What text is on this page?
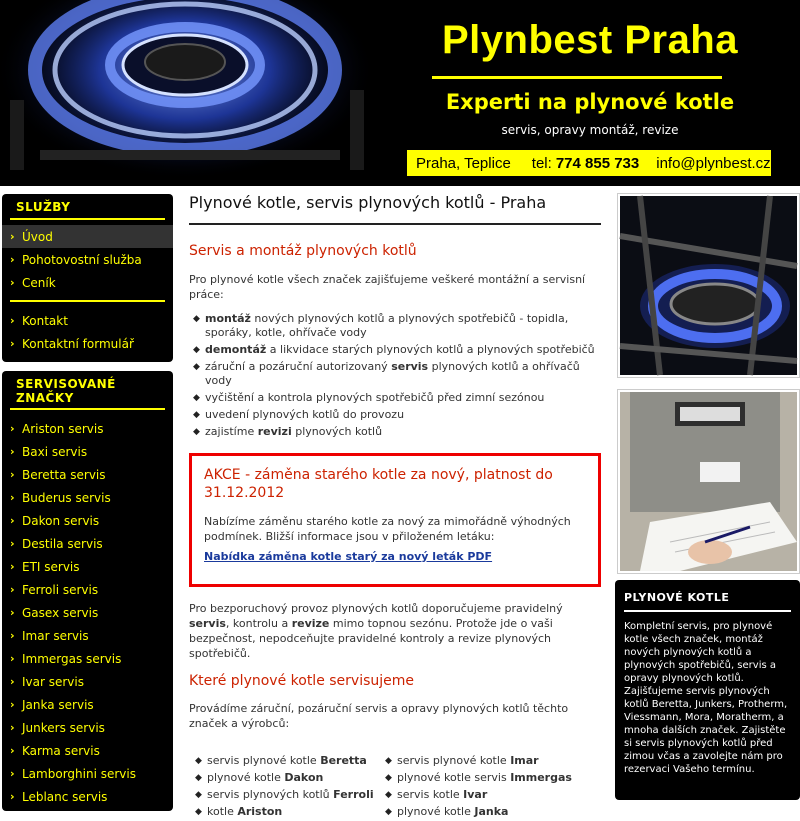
Plynbest Praha
Experti na plynové kotle
servis, opravy montáž, revize
Praha, Teplice tel: 774 855 733 info@plynbest.cz
SLUŽBY
› Úvod
› Pohotovostní služba
› Ceník
› Kontakt
› Kontaktní formulář
SERVISOVANÉ
ZNAČKY
› Ariston servis
› Baxi servis
› Beretta servis
› Buderus servis
› Dakon servis
› Destila servis
› ETI servis
› Ferroli servis
› Gasex servis
› Imar servis
› Immergas servis
› Ivar servis
› Janka servis
› Junkers servis
› Karma servis
› Lamborghini servis
› Leblanc servis
Plynové kotle, servis plynových kotlů - Praha
Servis a montáž plynových kotlů

Pro plynové kotle všech značek zajišťujeme veškeré montážní a servisní práce:

◆ montáž nových plynových kotlů a plynových spotřebičů - topidla, sporáky, kotle, ohřívače vody
◆ demontáž a likvidace starých plynových kotlů a plynových spotřebičů
◆ záruční a pozáruční autorizovaný servis plynových kotlů a ohřívačů vody
◆ vyčištění a kontrola plynových spotřebičů před zimní sezónou
◆ uvedení plynových kotlů do provozu
◆ zajistíme revizi plynových kotlů
AKCE - záměna starého kotle za nový, platnost do 31.12.2012

Nabízíme záměnu starého kotle za nový za mimořádně výhodných podmínek. Bližší informace jsou v přiloženém letáku:

Nabídka záměna kotle starý za nový leták PDF

Pro bezporuchový provoz plynových kotlů doporučujeme pravidelný servis, kontrolu a revize mimo topnou sezónu. Protože jde o vaši bezpečnost, nepodceňujte pravidelné kontroly a revize plynových spotřebičů.

Které plynové kotle servisujeme

Provádíme záruční, pozáruční servis a opravy plynových kotlů těchto značek a výrobců:

◆ servis plynové kotle Beretta
◆ plynové kotle Dakon
◆ servis plynových kotlů Ferroli
◆ kotle Ariston
◆ servis plynové kotle Imar
◆ plynové kotle servis Immergas
◆ servis kotle Ivar
◆ plynové kotle Janka
PLYNOVÉ KOTLE

Kompletní servis, pro plynové kotle všech značek, montáž nových plynových kotlů a plynových spotřebičů, servis a opravy plynových kotlů. Zajišťujeme servis plynových kotlů Beretta, Junkers, Protherm, Viessmann, Mora, Moratherm, a mnoha dalších značek. Zajistěte si servis plynových kotlů před zimou včas a zavolejte nám pro rezervaci Vašeho termínu.
